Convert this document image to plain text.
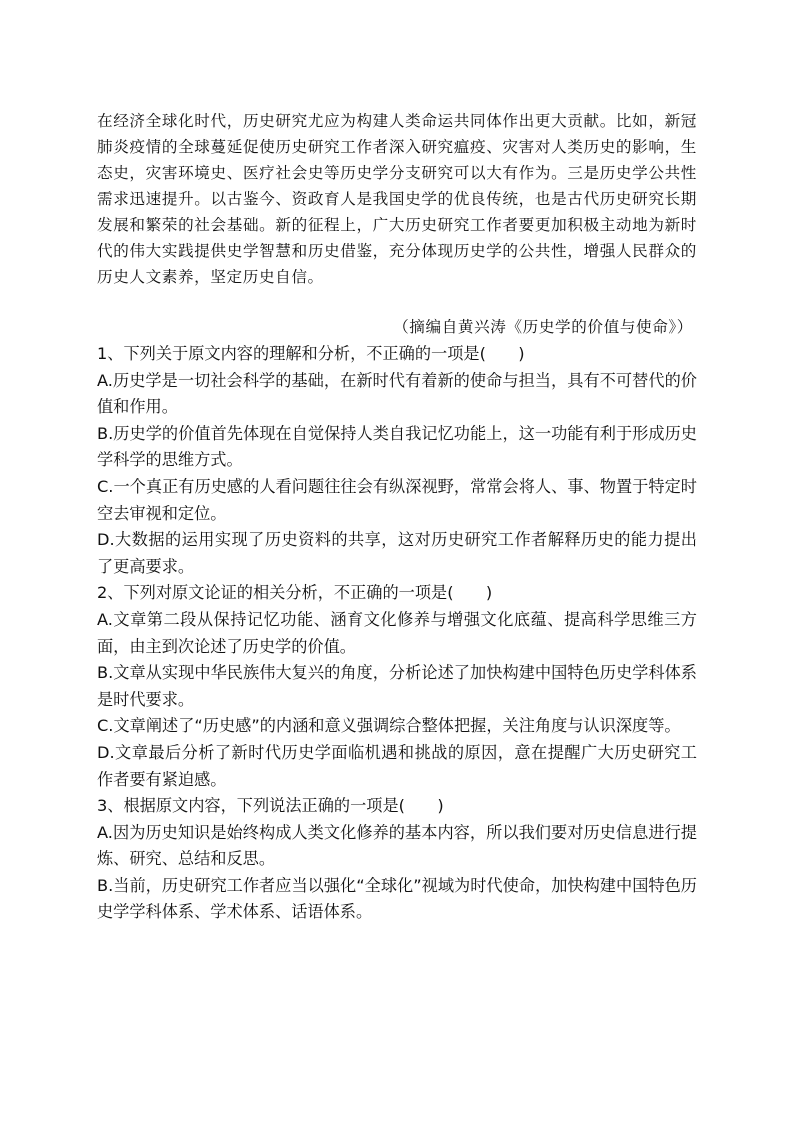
在经济全球化时代，历史研究尤应为构建人类命运共同体作出更大贡献。比如，新冠肺炎疫情的全球蔓延促使历史研究工作者深入研究瘟疫、灾害对人类历史的影响，生态史，灾害环境史、医疗社会史等历史学分支研究可以大有作为。三是历史学公共性需求迅速提升。以古鉴今、资政育人是我国史学的优良传统，也是古代历史研究长期发展和繁荣的社会基础。新的征程上，广大历史研究工作者要更加积极主动地为新时代的伟大实践提供史学智慧和历史借鉴，充分体现历史学的公共性，增强人民群众的历史人文素养，坚定历史自信。

（摘编自黄兴涛《历史学的价值与使命》）

1、下列关于原文内容的理解和分析，不正确的一项是(　　)

A.历史学是一切社会科学的基础，在新时代有着新的使命与担当，具有不可替代的价值和作用。

B.历史学的价值首先体现在自觉保持人类自我记忆功能上，这一功能有利于形成历史学科学的思维方式。

C.一个真正有历史感的人看问题往往会有纵深视野，常常会将人、事、物置于特定时空去审视和定位。

D.大数据的运用实现了历史资料的共享，这对历史研究工作者解释历史的能力提出了更高要求。

2、下列对原文论证的相关分析，不正确的一项是(　　)

A.文章第二段从保持记忆功能、涵育文化修养与增强文化底蕴、提高科学思维三方面，由主到次论述了历史学的价值。

B.文章从实现中华民族伟大复兴的角度，分析论述了加快构建中国特色历史学科体系是时代要求。

C.文章阐述了“历史感”的内涵和意义强调综合整体把握，关注角度与认识深度等。

D.文章最后分析了新时代历史学面临机遇和挑战的原因，意在提醒广大历史研究工作者要有紧迫感。

3、根据原文内容，下列说法正确的一项是(　　)

A.因为历史知识是始终构成人类文化修养的基本内容，所以我们要对历史信息进行提炼、研究、总结和反思。

B.当前，历史研究工作者应当以强化“全球化”视域为时代使命，加快构建中国特色历史学学科体系、学术体系、话语体系。
